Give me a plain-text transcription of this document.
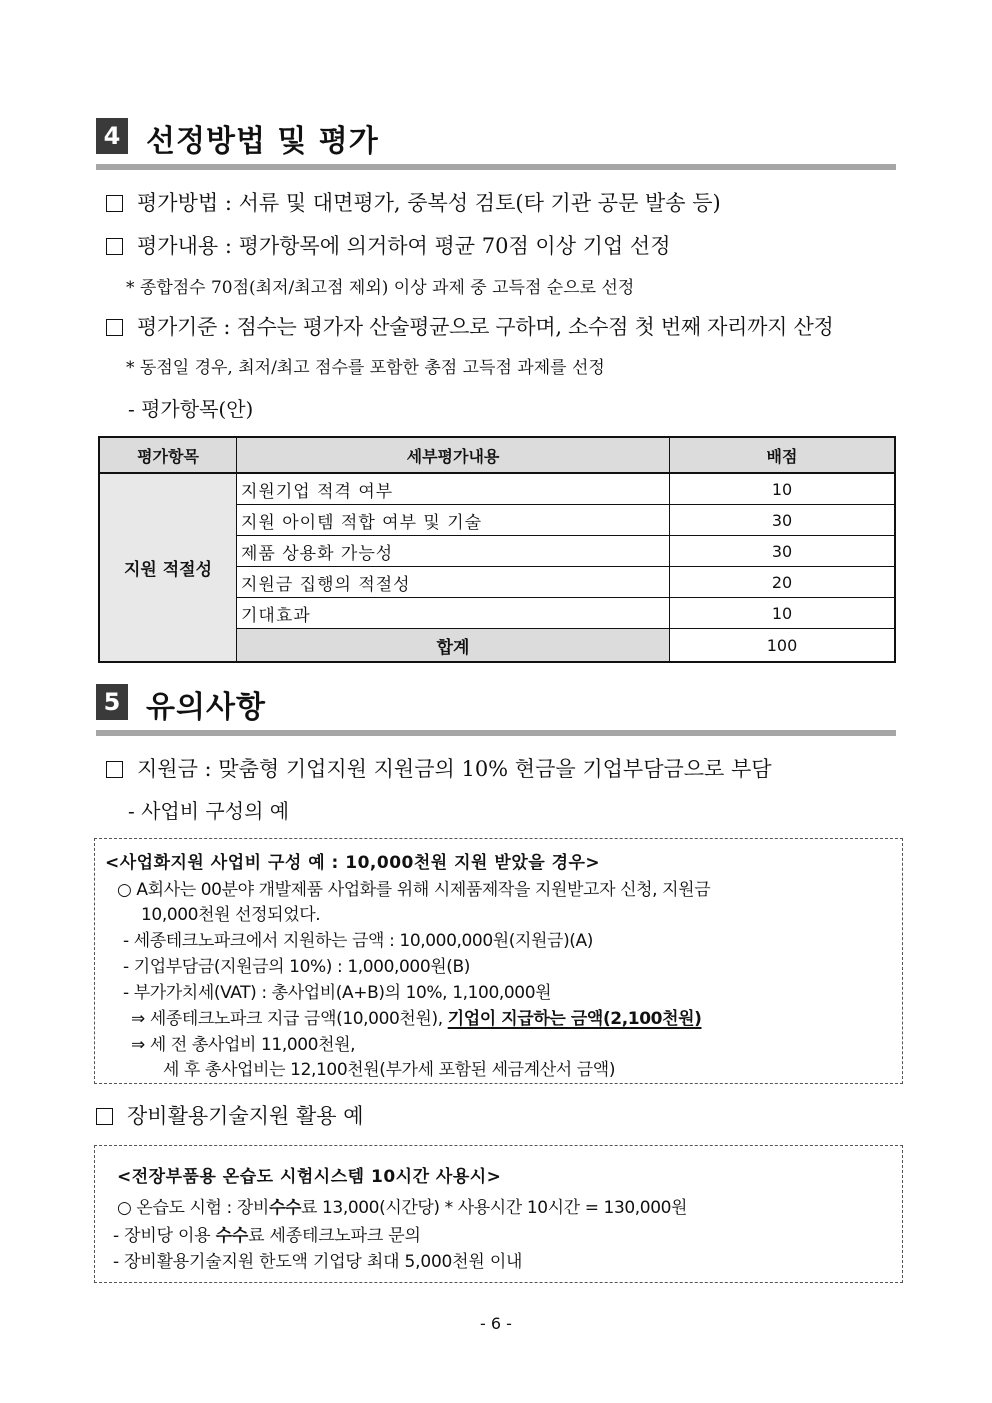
4 선정방법 및 평가
평가방법 : 서류 및 대면평가, 중복성 검토(타 기관 공문 발송 등)
평가내용 : 평가항목에 의거하여 평균 70점 이상 기업 선정
* 종합점수 70점(최저/최고점 제외) 이상 과제 중 고득점 순으로 선정
평가기준 : 점수는 평가자 산술평균으로 구하며, 소수점 첫 번째 자리까지 산정
* 동점일 경우, 최저/최고 점수를 포함한 총점 고득점 과제를 선정
- 평가항목(안)
평가항목	세부평가내용	배점
지원 적절성	지원기업 적격 여부	10
	지원 아이템 적합 여부 및 기술	30
	제품 상용화 가능성	30
	지원금 집행의 적절성	20
	기대효과	10
	합계	100
5 유의사항
지원금 : 맞춤형 기업지원 지원금의 10% 현금을 기업부담금으로 부담
- 사업비 구성의 예
<사업화지원 사업비 구성 예 : 10,000천원 지원 받았을 경우>
○ A회사는 00분야 개발제품 사업화를 위해 시제품제작을 지원받고자 신청, 지원금
10,000천원 선정되었다.
- 세종테크노파크에서 지원하는 금액 : 10,000,000원(지원금)(A)
- 기업부담금(지원금의 10%) : 1,000,000원(B)
- 부가가치세(VAT) : 총사업비(A+B)의 10%, 1,100,000원
⇒ 세종테크노파크 지급 금액(10,000천원), 기업이 지급하는 금액(2,100천원)
⇒ 세 전 총사업비 11,000천원,
세 후 총사업비는 12,100천원(부가세 포함된 세금계산서 금액)
장비활용기술지원 활용 예
<전장부품용 온습도 시험시스템 10시간 사용시>
○ 온습도 시험 : 장비수수료 13,000(시간당) * 사용시간 10시간 = 130,000원
- 장비당 이용 수수료 세종테크노파크 문의
- 장비활용기술지원 한도액 기업당 최대 5,000천원 이내
- 6 -
